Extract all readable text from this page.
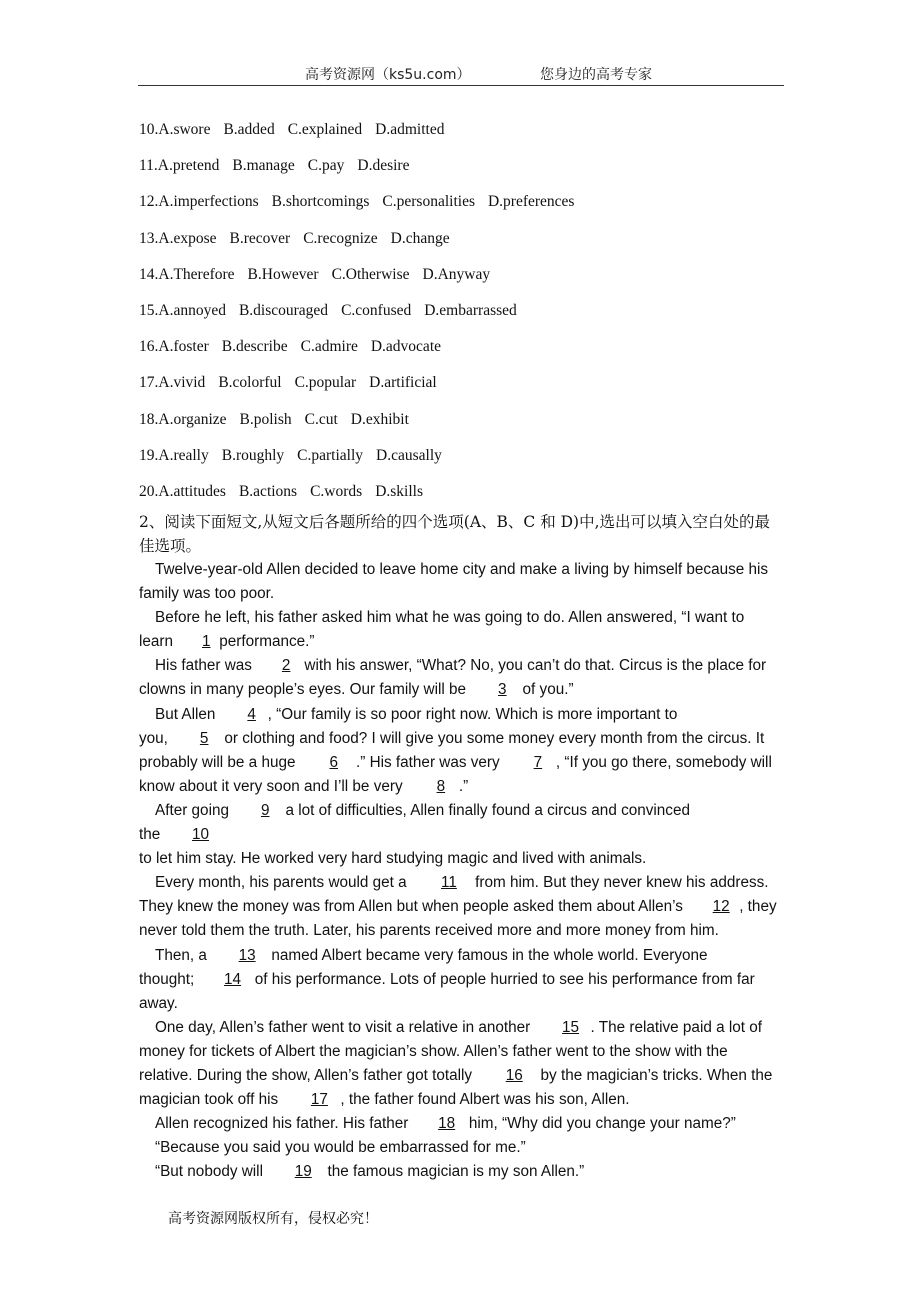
高考资源网（ks5u.com）	您身边的高考专家
10.A.swore B.added C.explained D.admitted
11.A.pretend B.manage C.pay D.desire
12.A.imperfections B.shortcomings C.personalities D.preferences
13.A.expose B.recover C.recognize D.change
14.A.Therefore B.However C.Otherwise D.Anyway
15.A.annoyed B.discouraged C.confused D.embarrassed
16.A.foster B.describe C.admire D.advocate
17.A.vivid B.colorful C.popular D.artificial
18.A.organize B.polish C.cut D.exhibit
19.A.really B.roughly C.partially D.causally
20.A.attitudes B.actions C.words D.skills
2、阅读下面短文,从短文后各题所给的四个选项(A、B、C 和 D)中,选出可以填入空白处的最佳选项。

Twelve-year-old Allen decided to leave home city and make a living by himself because his family was too poor.

Before he left, his father asked him what he was going to do. Allen answered, “I want to
learn 1 performance.”

His father was 2 with his answer, “What? No, you can’t do that. Circus is the place for clowns in many people’s eyes. Our family will be 3 of you.”

But Allen 4 , “Our family is so poor right now. Which is more important to
you, 5 or clothing and food? I will give you some money every month from the circus. It probably will be a huge 6 .” His father was very 7 , “If you go there, somebody will know about it very soon and I’ll be very 8 .”

After going 9 a lot of difficulties, Allen finally found a circus and convinced
the 10
to let him stay. He worked very hard studying magic and lived with animals.

Every month, his parents would get a 11 from him. But they never knew his address. They knew the money was from Allen but when people asked them about Allen’s 12 , they never told them the truth. Later, his parents received more and more money from him.

Then, a 13 named Albert became very famous in the whole world. Everyone
thought; 14 of his performance. Lots of people hurried to see his performance from far away.

One day, Allen’s father went to visit a relative in another 15 . The relative paid a lot of money for tickets of Albert the magician’s show. Allen’s father went to the show with the relative. During the show, Allen’s father got totally 16 by the magician’s tricks. When the magician took off his 17 , the father found Albert was his son, Allen.

Allen recognized his father. His father 18 him, “Why did you change your name?”

“Because you said you would be embarrassed for me.”

“But nobody will 19 the famous magician is my son Allen.”

高考资源网版权所有，侵权必究！
